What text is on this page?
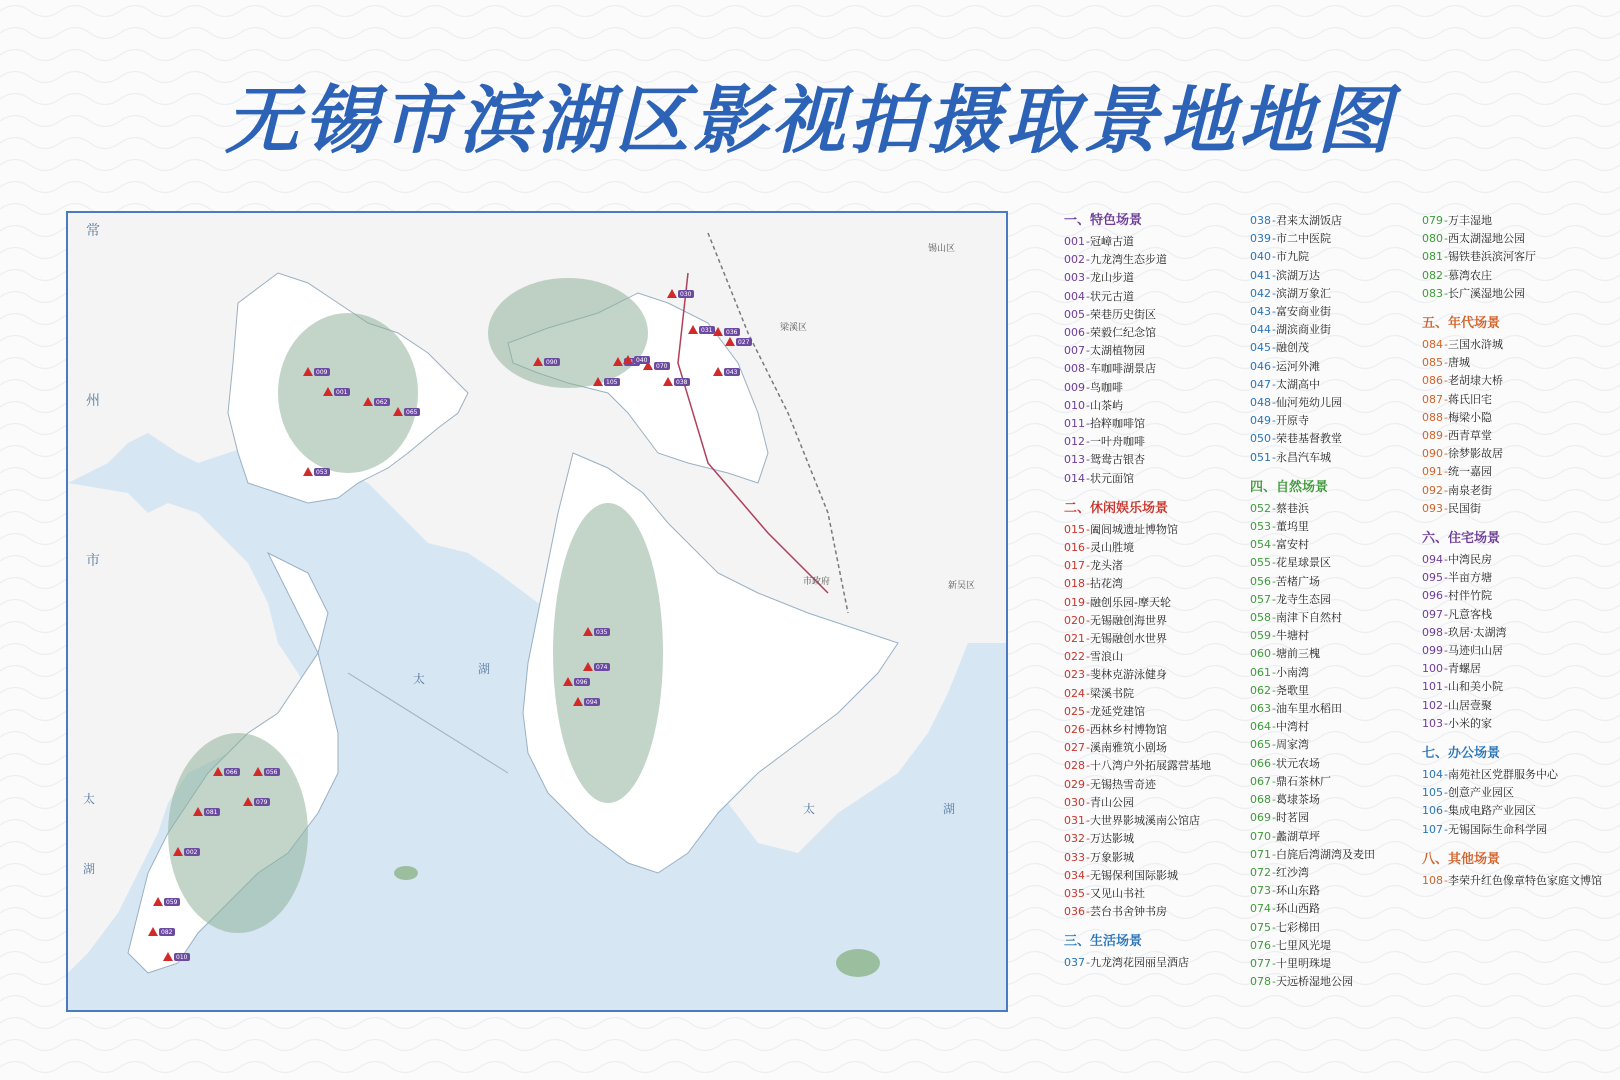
无锡市滨湖区影视拍摄取景地地图
常
州
市
太
湖
太
湖
太	湖
梁溪区
市政府
锡山区
新吴区
030
031 036
027
070
040
090
105	038
043
009
001
062
065
053
035
074
096
094
056
066
079
081
002
059
082
010
一、特色场景
001-冠嶂古道
002-九龙湾生态步道
003-龙山步道
004-状元古道
005-荣巷历史街区
006-荣毅仁纪念馆
007-太湖植物园
008-车咖啡湖景店
009-鸟咖啡
010-山茶屿
011-拾粹咖啡馆
012-一叶舟咖啡
013-鸳鸯古银杏
014-状元面馆
二、休闲娱乐场景
015-阖闾城遗址博物馆
016-灵山胜境
017-龙头渚
018-拈花湾
019-融创乐园-摩天轮
020-无锡融创海世界
021-无锡融创水世界
022-雪浪山
023-斐林克游泳健身
024-梁溪书院
025-龙延党建馆
026-西林乡村博物馆
027-溪南雅筑小剧场
028-十八湾户外拓展露营基地
029-无锡热雪奇迹
030-青山公园
031-大世界影城溪南公馆店
032-万达影城
033-万象影城
034-无锡保利国际影城
035-又见山书社
036-芸台书舍钟书房
三、生活场景
037-九龙湾花园丽呈酒店
038-君来太湖饭店
039-市二中医院
040-市九院
041-滨湖万达
042-滨湖万象汇
043-富安商业街
044-湖滨商业街
045-融创茂
046-运河外滩
047-太湖高中
048-仙河苑幼儿园
049-开原寺
050-荣巷基督教堂
051-永昌汽车城
四、自然场景
052-蔡巷浜
053-董坞里
054-富安村
055-花星球景区
056-苦楮广场
057-龙寺生态园
058-南津下自然村
059-牛塘村
060-塘前三槐
061-小南湾
062-尧歌里
063-油车里水稻田
064-中湾村
065-周家湾
066-状元农场
067-鼎石茶林厂
068-葛埭茶场
069-时茗园
070-蠡湖草坪
071-白旄后湾湖湾及麦田
072-红沙湾
073-环山东路
074-环山西路
075-七彩梯田
076-七里风光堤
077-十里明珠堤
078-天远桥湿地公园
079-万丰湿地
080-西太湖湿地公园
081-锡铁巷浜滨河客厅
082-慕湾农庄
083-长广溪湿地公园
五、年代场景
084-三国水浒城
085-唐城
086-老胡埭大桥
087-蒋氏旧宅
088-梅梁小隐
089-西青草堂
090-徐梦影故居
091-统一嘉园
092-南泉老街
093-民国街
六、住宅场景
094-中湾民房
095-半亩方塘
096-村伴竹院
097-凡意客栈
098-玖居·太湖湾
099-马迹归山居
100-青螺居
101-山和美小院
102-山居壹聚
103-小米的家
七、办公场景
104-南苑社区党群服务中心
105-创意产业园区
106-集成电路产业园区
107-无锡国际生命科学园
八、其他场景
108-李荣升红色像章特色家庭文博馆
